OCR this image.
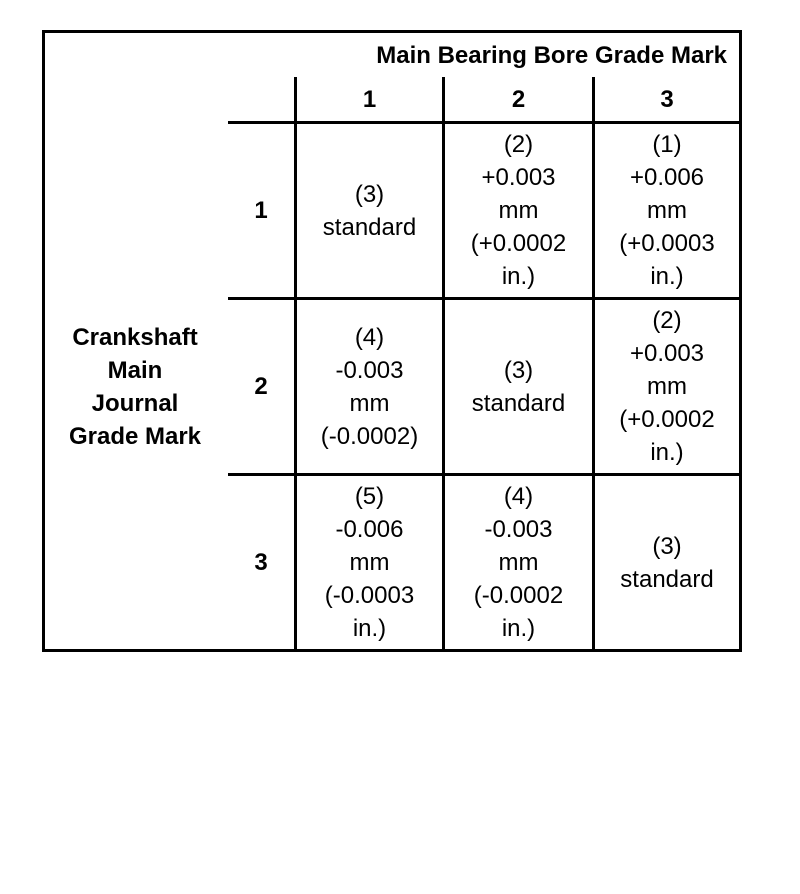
Main Bearing Bore Grade Mark
Crankshaft
Main
Journal
Grade Mark
1	2	3
1
2
3
(3)
standard
(2)
+0.003
mm
(+0.0002
in.)
(1)
+0.006
mm
(+0.0003
in.)
(4)
-0.003
mm
(-0.0002)
(3)
standard
(2)
+0.003
mm
(+0.0002
in.)
(5)
-0.006
mm
(-0.0003
in.)
(4)
-0.003
mm
(-0.0002
in.)
(3)
standard
